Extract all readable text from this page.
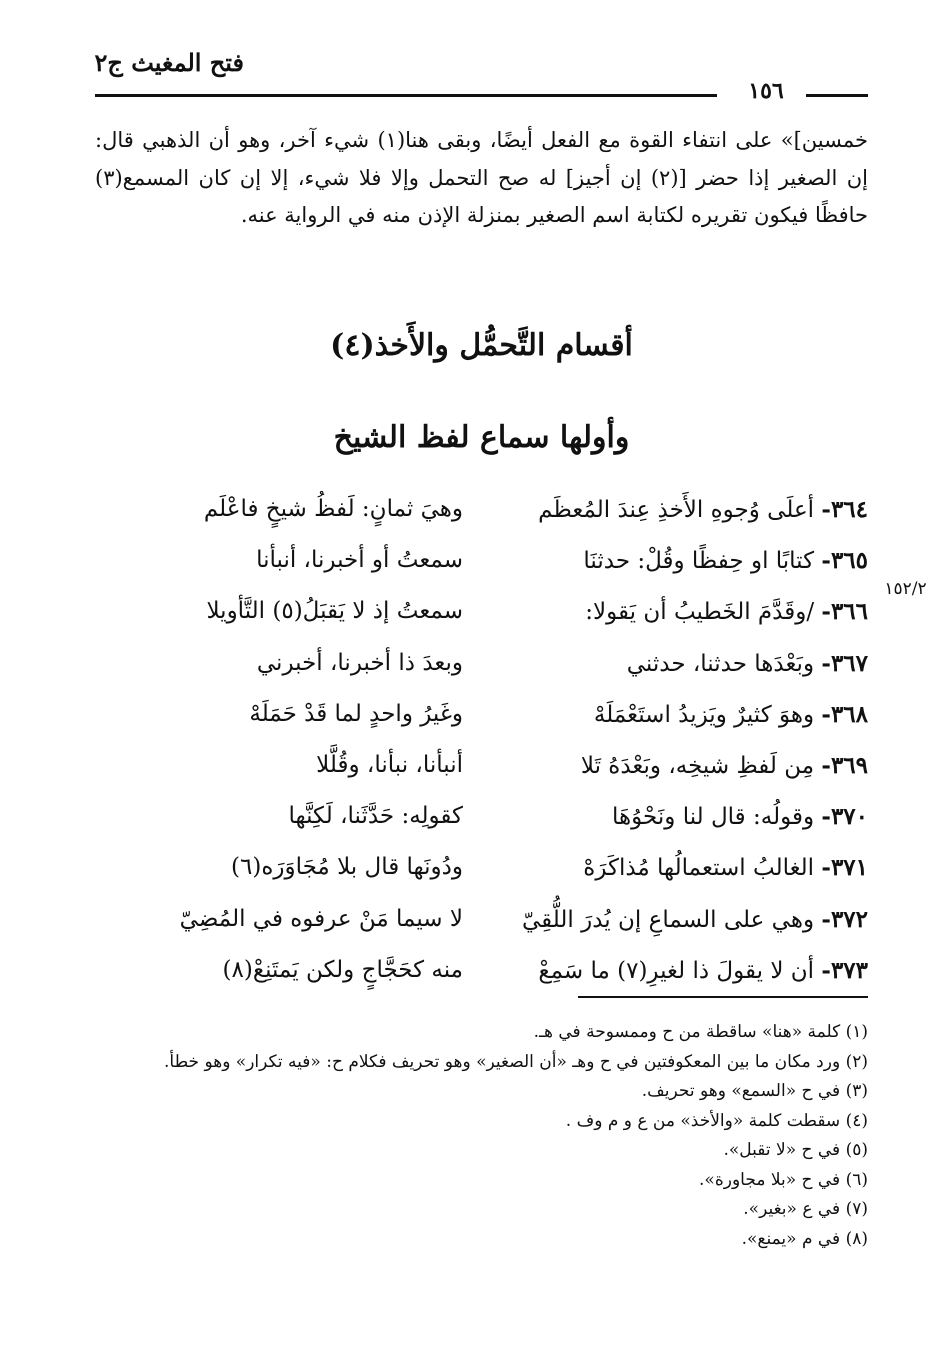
فتح المغيث ج٢
١٥٦

خمسين]» على انتفاء القوة مع الفعل أيضًا، وبقى هنا(١) شيء آخر، وهو أن الذهبي قال: إن الصغير إذا حضر [(٢) إن أجيز] له صح التحمل وإلا فلا شيء، إلا إن كان المسمع(٣) حافظًا فيكون تقريره لكتابة اسم الصغير بمنزلة الإذن منه في الرواية عنه.

أقسام التَّحمُّل والأَخذ(٤)
وأولها سماع لفظ الشيخ
١٥٢/٢
٣٦٤- أعلَى وُجوهِ الأَخذِ عِندَ المُعظَم
وهيَ ثمانٍ: لَفظُ شيخٍ فاعْلَم
٣٦٥- كتابًا او حِفظًا وقُلْ: حدثنَا
سمعتُ أو أخبرنا، أنبأنا
٣٦٦- /وقَدَّمَ الخَطيبُ أن يَقولا:
سمعتُ إذ لا يَقبَلُ(٥) التَّأويلا
٣٦٧- وبَعْدَها حدثنا، حدثني
وبعدَ ذا أخبرنا، أخبرني
٣٦٨- وهوَ كثيرٌ ويَزيدُ استَعْمَلَهْ
وغَيرُ واحدٍ لما قَدْ حَمَلَهْ
٣٦٩- مِن لَفظِ شيخِه، وبَعْدَهُ تَلا
أنبأنا، نبأنا، وقُلَّلا
٣٧٠- وقولُه: قال لنا ونَحْوُهَا
كقولِه: حَدَّثَنا، لَكِنَّها
٣٧١- الغالبُ استعمالُها مُذاكَرَهْ
ودُونَها قال بلا مُجَاوَرَه(٦)
٣٧٢- وهي على السماعِ إن يُدرَ اللُّقِيّ
لا سيما مَنْ عرفوه في المُضِيّ
٣٧٣- أن لا يقولَ ذا لغيرِ(٧) ما سَمِعْ
منه كحَجَّاجٍ ولكن يَمتَنِعْ(٨)

(١) كلمة «هنا» ساقطة من ح وممسوحة في هـ.

(٢) ورد مكان ما بين المعكوفتين في ح وهـ «أن الصغير» وهو تحريف فكلام ح: «فيه تكرار» وهو خطأ.

(٣) في ح «السمع» وهو تحريف.

(٤) سقطت كلمة «والأخذ» من ع و م وف .

(٥) في ح «لا تقبل».

(٦) في ح «بلا مجاورة».

(٧) في ع «بغير».

(٨) في م «يمنع».
